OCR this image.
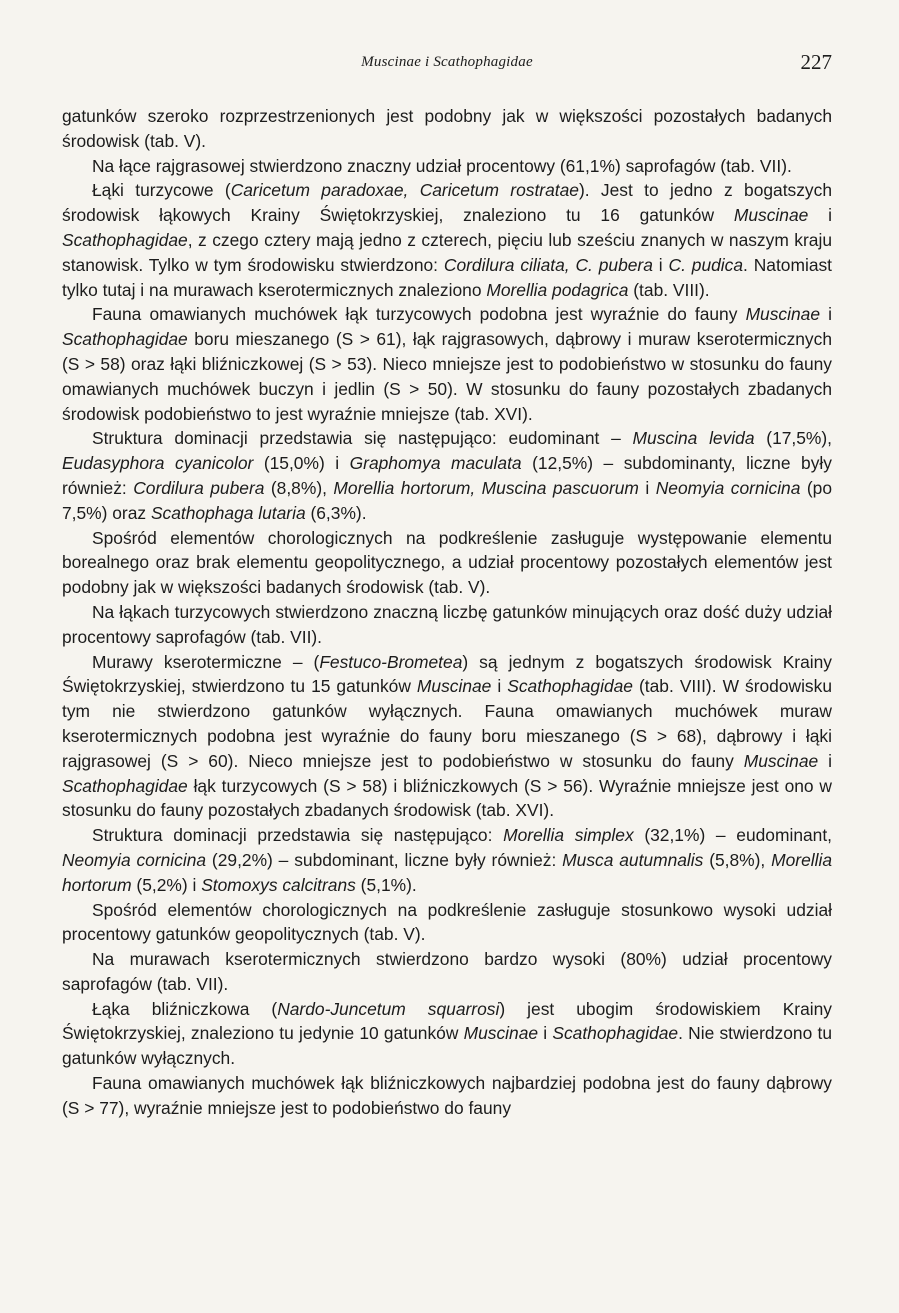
Muscinae i Scathophagidae	227

gatunków szeroko rozprzestrzenionych jest podobny jak w większości pozostałych badanych środowisk (tab. V).

Na łące rajgrasowej stwierdzono znaczny udział procentowy (61,1%) saprofagów (tab. VII).

Łąki turzycowe (Caricetum paradoxae, Caricetum rostratae). Jest to jedno z bogatszych środowisk łąkowych Krainy Świętokrzyskiej, znaleziono tu 16 gatunków Muscinae i Scathophagidae, z czego cztery mają jedno z czterech, pięciu lub sześciu znanych w naszym kraju stanowisk. Tylko w tym środowisku stwierdzono: Cordilura ciliata, C. pubera i C. pudica. Natomiast tylko tutaj i na murawach kserotermicznych znaleziono Morellia podagrica (tab. VIII).

Fauna omawianych muchówek łąk turzycowych podobna jest wyraźnie do fauny Muscinae i Scathophagidae boru mieszanego (S > 61), łąk rajgrasowych, dąbrowy i muraw kserotermicznych (S > 58) oraz łąki bliźniczkowej (S > 53). Nieco mniejsze jest to podobieństwo w stosunku do fauny omawianych muchówek buczyn i jedlin (S > 50). W stosunku do fauny pozostałych zbadanych środowisk podobieństwo to jest wyraźnie mniejsze (tab. XVI).

Struktura dominacji przedstawia się następująco: eudominant – Muscina levida (17,5%), Eudasyphora cyanicolor (15,0%) i Graphomya maculata (12,5%) – subdominanty, liczne były również: Cordilura pubera (8,8%), Morellia hortorum, Muscina pascuorum i Neomyia cornicina (po 7,5%) oraz Scathophaga lutaria (6,3%).

Spośród elementów chorologicznych na podkreślenie zasługuje występowanie elementu borealnego oraz brak elementu geopolitycznego, a udział procentowy pozostałych elementów jest podobny jak w większości badanych środowisk (tab. V).

Na łąkach turzycowych stwierdzono znaczną liczbę gatunków minujących oraz dość duży udział procentowy saprofagów (tab. VII).

Murawy kserotermiczne – (Festuco-Brometea) są jednym z bogatszych środowisk Krainy Świętokrzyskiej, stwierdzono tu 15 gatunków Muscinae i Scathophagidae (tab. VIII). W środowisku tym nie stwierdzono gatunków wyłącznych. Fauna omawianych muchówek muraw kserotermicznych podobna jest wyraźnie do fauny boru mieszanego (S > 68), dąbrowy i łąki rajgrasowej (S > 60). Nieco mniejsze jest to podobieństwo w stosunku do fauny Muscinae i Scathophagidae łąk turzycowych (S > 58) i bliźniczkowych (S > 56). Wyraźnie mniejsze jest ono w stosunku do fauny pozostałych zbadanych środowisk (tab. XVI).

Struktura dominacji przedstawia się następująco: Morellia simplex (32,1%) – eudominant, Neomyia cornicina (29,2%) – subdominant, liczne były również: Musca autumnalis (5,8%), Morellia hortorum (5,2%) i Stomoxys calcitrans (5,1%).

Spośród elementów chorologicznych na podkreślenie zasługuje stosunkowo wysoki udział procentowy gatunków geopolitycznych (tab. V).

Na murawach kserotermicznych stwierdzono bardzo wysoki (80%) udział procentowy saprofagów (tab. VII).

Łąka bliźniczkowa (Nardo-Juncetum squarrosi) jest ubogim środowiskiem Krainy Świętokrzyskiej, znaleziono tu jedynie 10 gatunków Muscinae i Scathophagidae. Nie stwierdzono tu gatunków wyłącznych.

Fauna omawianych muchówek łąk bliźniczkowych najbardziej podobna jest do fauny dąbrowy (S > 77), wyraźnie mniejsze jest to podobieństwo do fauny
